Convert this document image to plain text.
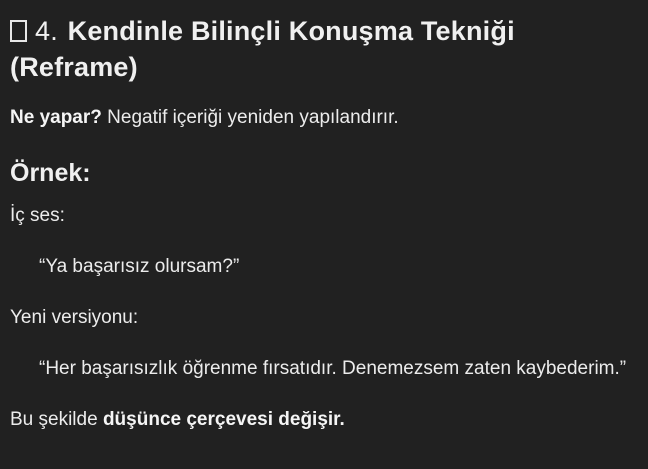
4. Kendinle Bilinçli Konuşma Tekniği
(Reframe)

Ne yapar? Negatif içeriği yeniden yapılandırır.

Örnek:

İç ses:

“Ya başarısız olursam?”

Yeni versiyonu:

“Her başarısızlık öğrenme fırsatıdır. Denemezsem zaten kaybederim.”

Bu şekilde düşünce çerçevesi değişir.
